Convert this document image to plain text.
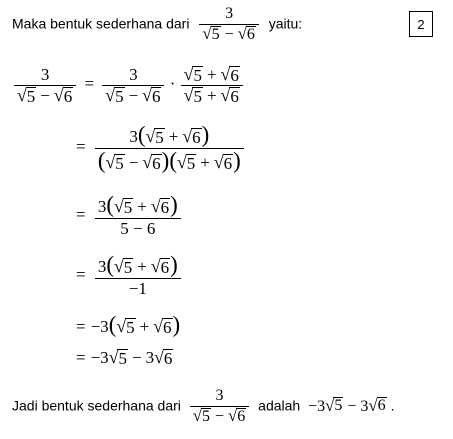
Maka bentuk sederhana dari $\frac{3}{√ 5 - √ 6}$ yaitu:	2
$\frac{3}{√ 5 - √ 6} = \frac{3}{√ 5 - √ 6} \cdot \frac{√ 5 + √ 6}{√ 5 + √ 6}$
= $\frac{3( √ 5 + √ 6 )}{( √ 5 - √ 6 )( √ 5 + √ 6 )}$
= $\frac{3( √ 5 + √ 6 )}{5 - 6}$
= $\frac{3( √ 5 + √ 6 )}{-1}$
= −3( √ 5 + √ 6 )
= −3 √ 5 − 3 √ 6
Jadi bentuk sederhana dari $\frac{3}{√ 5 - √ 6}$ adalah −3 √ 5 − 3 √ 6 .
